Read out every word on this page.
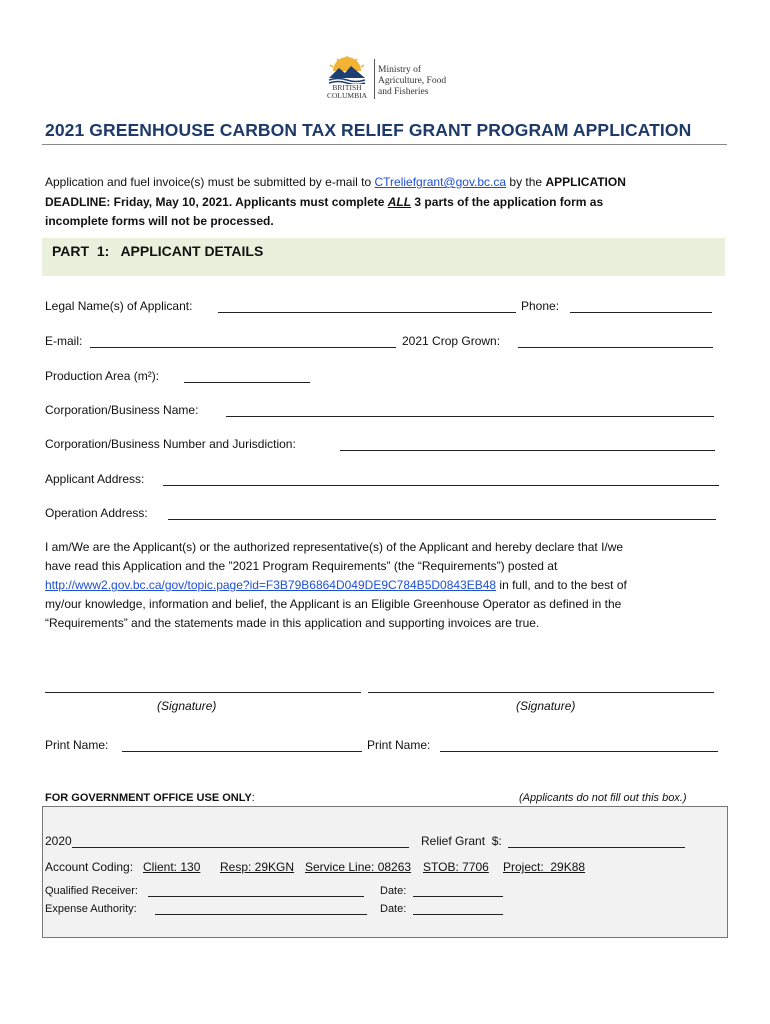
BRITISH
COLUMBIA
Ministry of
Agriculture, Food
and Fisheries
2021 GREENHOUSE CARBON TAX RELIEF GRANT PROGRAM APPLICATION
Application and fuel invoice(s) must be submitted by e-mail to CTreliefgrant@gov.bc.ca by the APPLICATION
DEADLINE: Friday, May 10, 2021. Applicants must complete ALL 3 parts of the application form as
incomplete forms will not be processed.
PART  1:   APPLICANT DETAILS
Legal Name(s) of Applicant:	Phone:
E-mail:	2021 Crop Grown:
Production Area (m²):
Corporation/Business Name:
Corporation/Business Number and Jurisdiction:
Applicant Address:
Operation Address:
I am/We are the Applicant(s) or the authorized representative(s) of the Applicant and hereby declare that I/we
have read this Application and the ”2021 Program Requirements” (the “Requirements”) posted at
http://www2.gov.bc.ca/gov/topic.page?id=F3B79B6864D049DE9C784B5D0843EB48 in full, and to the best of
my/our knowledge, information and belief, the Applicant is an Eligible Greenhouse Operator as defined in the
“Requirements” and the statements made in this application and supporting invoices are true.
(Signature)	(Signature)
Print Name:	Print Name:
FOR GOVERNMENT OFFICE USE ONLY:	(Applicants do not fill out this box.)
2020	Relief Grant  $:
Account Coding: Client: 130 Resp: 29KGN Service Line: 08263 STOB: 7706 Project:  29K88
Qualified Receiver:	Date:
Expense Authority:	Date:
